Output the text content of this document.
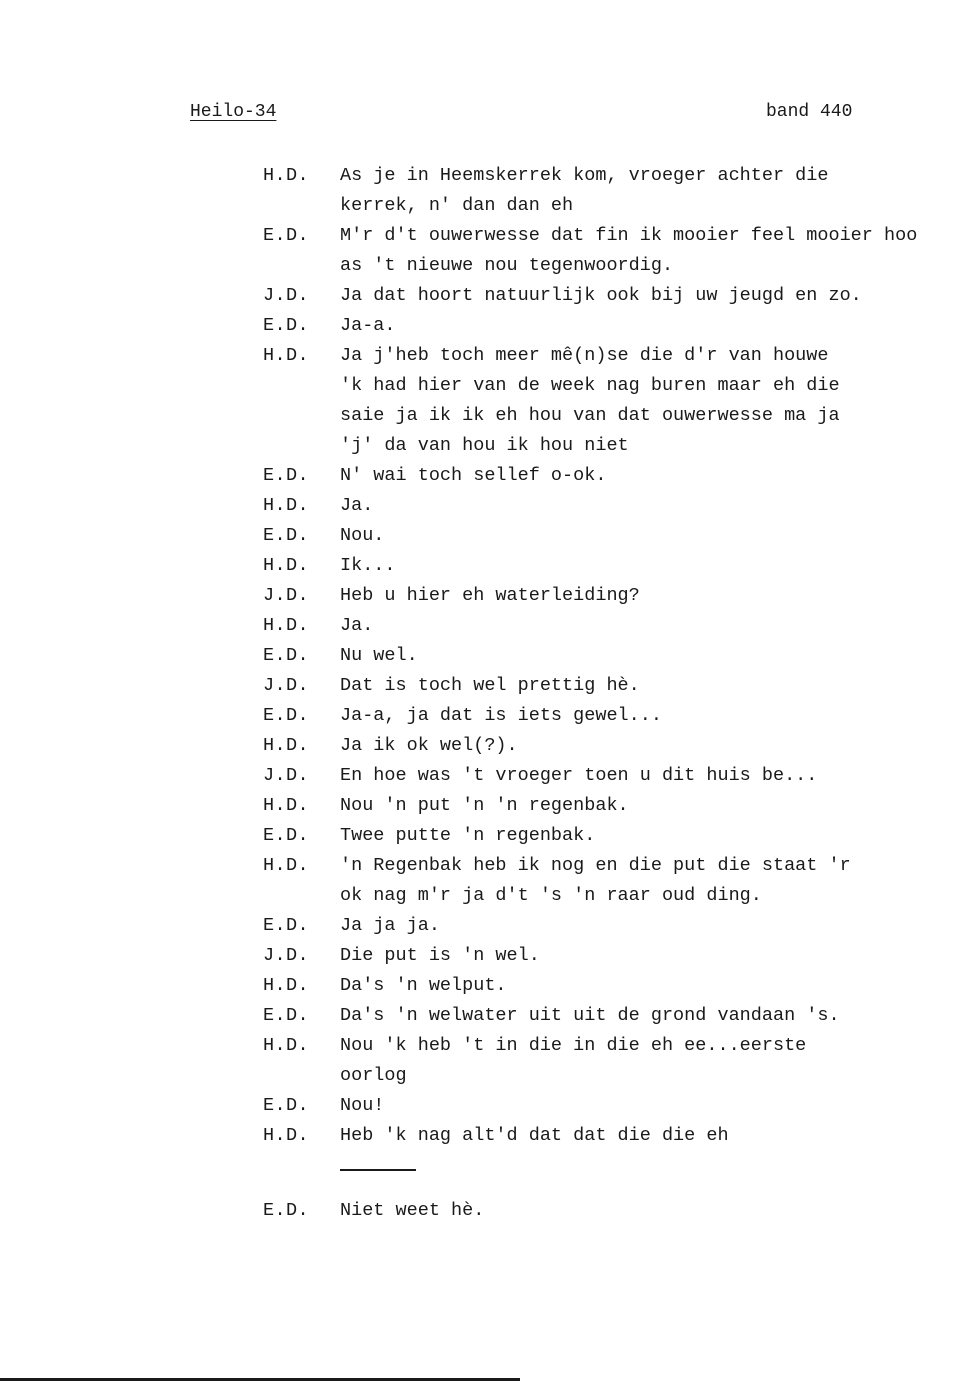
Heilo-34	band 440
H.D.	As je in Heemskerrek kom, vroeger achter die
kerrek, n' dan dan eh
E.D.	M'r d't ouwerwesse dat fin ik mooier feel mooier hoo
as 't nieuwe nou tegenwoordig.
J.D.	Ja dat hoort natuurlijk ook bij uw jeugd en zo.
E.D.	Ja-a.
H.D.	Ja j'heb toch meer mê(n)se die d'r van houwe
'k had hier van de week nag buren maar eh die
saie ja ik ik eh hou van dat ouwerwesse ma ja
'j' da van hou ik hou niet
E.D.	N' wai toch sellef o-ok.
H.D.	Ja.
E.D.	Nou.
H.D.	Ik...
J.D.	Heb u hier eh waterleiding?
H.D.	Ja.
E.D.	Nu wel.
J.D.	Dat is toch wel prettig hè.
E.D.	Ja-a, ja dat is iets gewel...
H.D.	Ja ik ok wel(?).
J.D.	En hoe was 't vroeger toen u dit huis be...
H.D.	Nou 'n put 'n 'n regenbak.
E.D.	Twee putte 'n regenbak.
H.D.	'n Regenbak heb ik nog en die put die staat 'r
ok nag m'r ja d't 's 'n raar oud ding.
E.D.	Ja ja ja.
J.D.	Die put is 'n wel.
H.D.	Da's 'n welput.
E.D.	Da's 'n welwater uit uit de grond vandaan 's.
H.D.	Nou 'k heb 't in die in die eh ee...eerste
oorlog
E.D.	Nou!
H.D.	Heb 'k nag alt'd dat dat die die eh
E.D.	Niet weet hè.
